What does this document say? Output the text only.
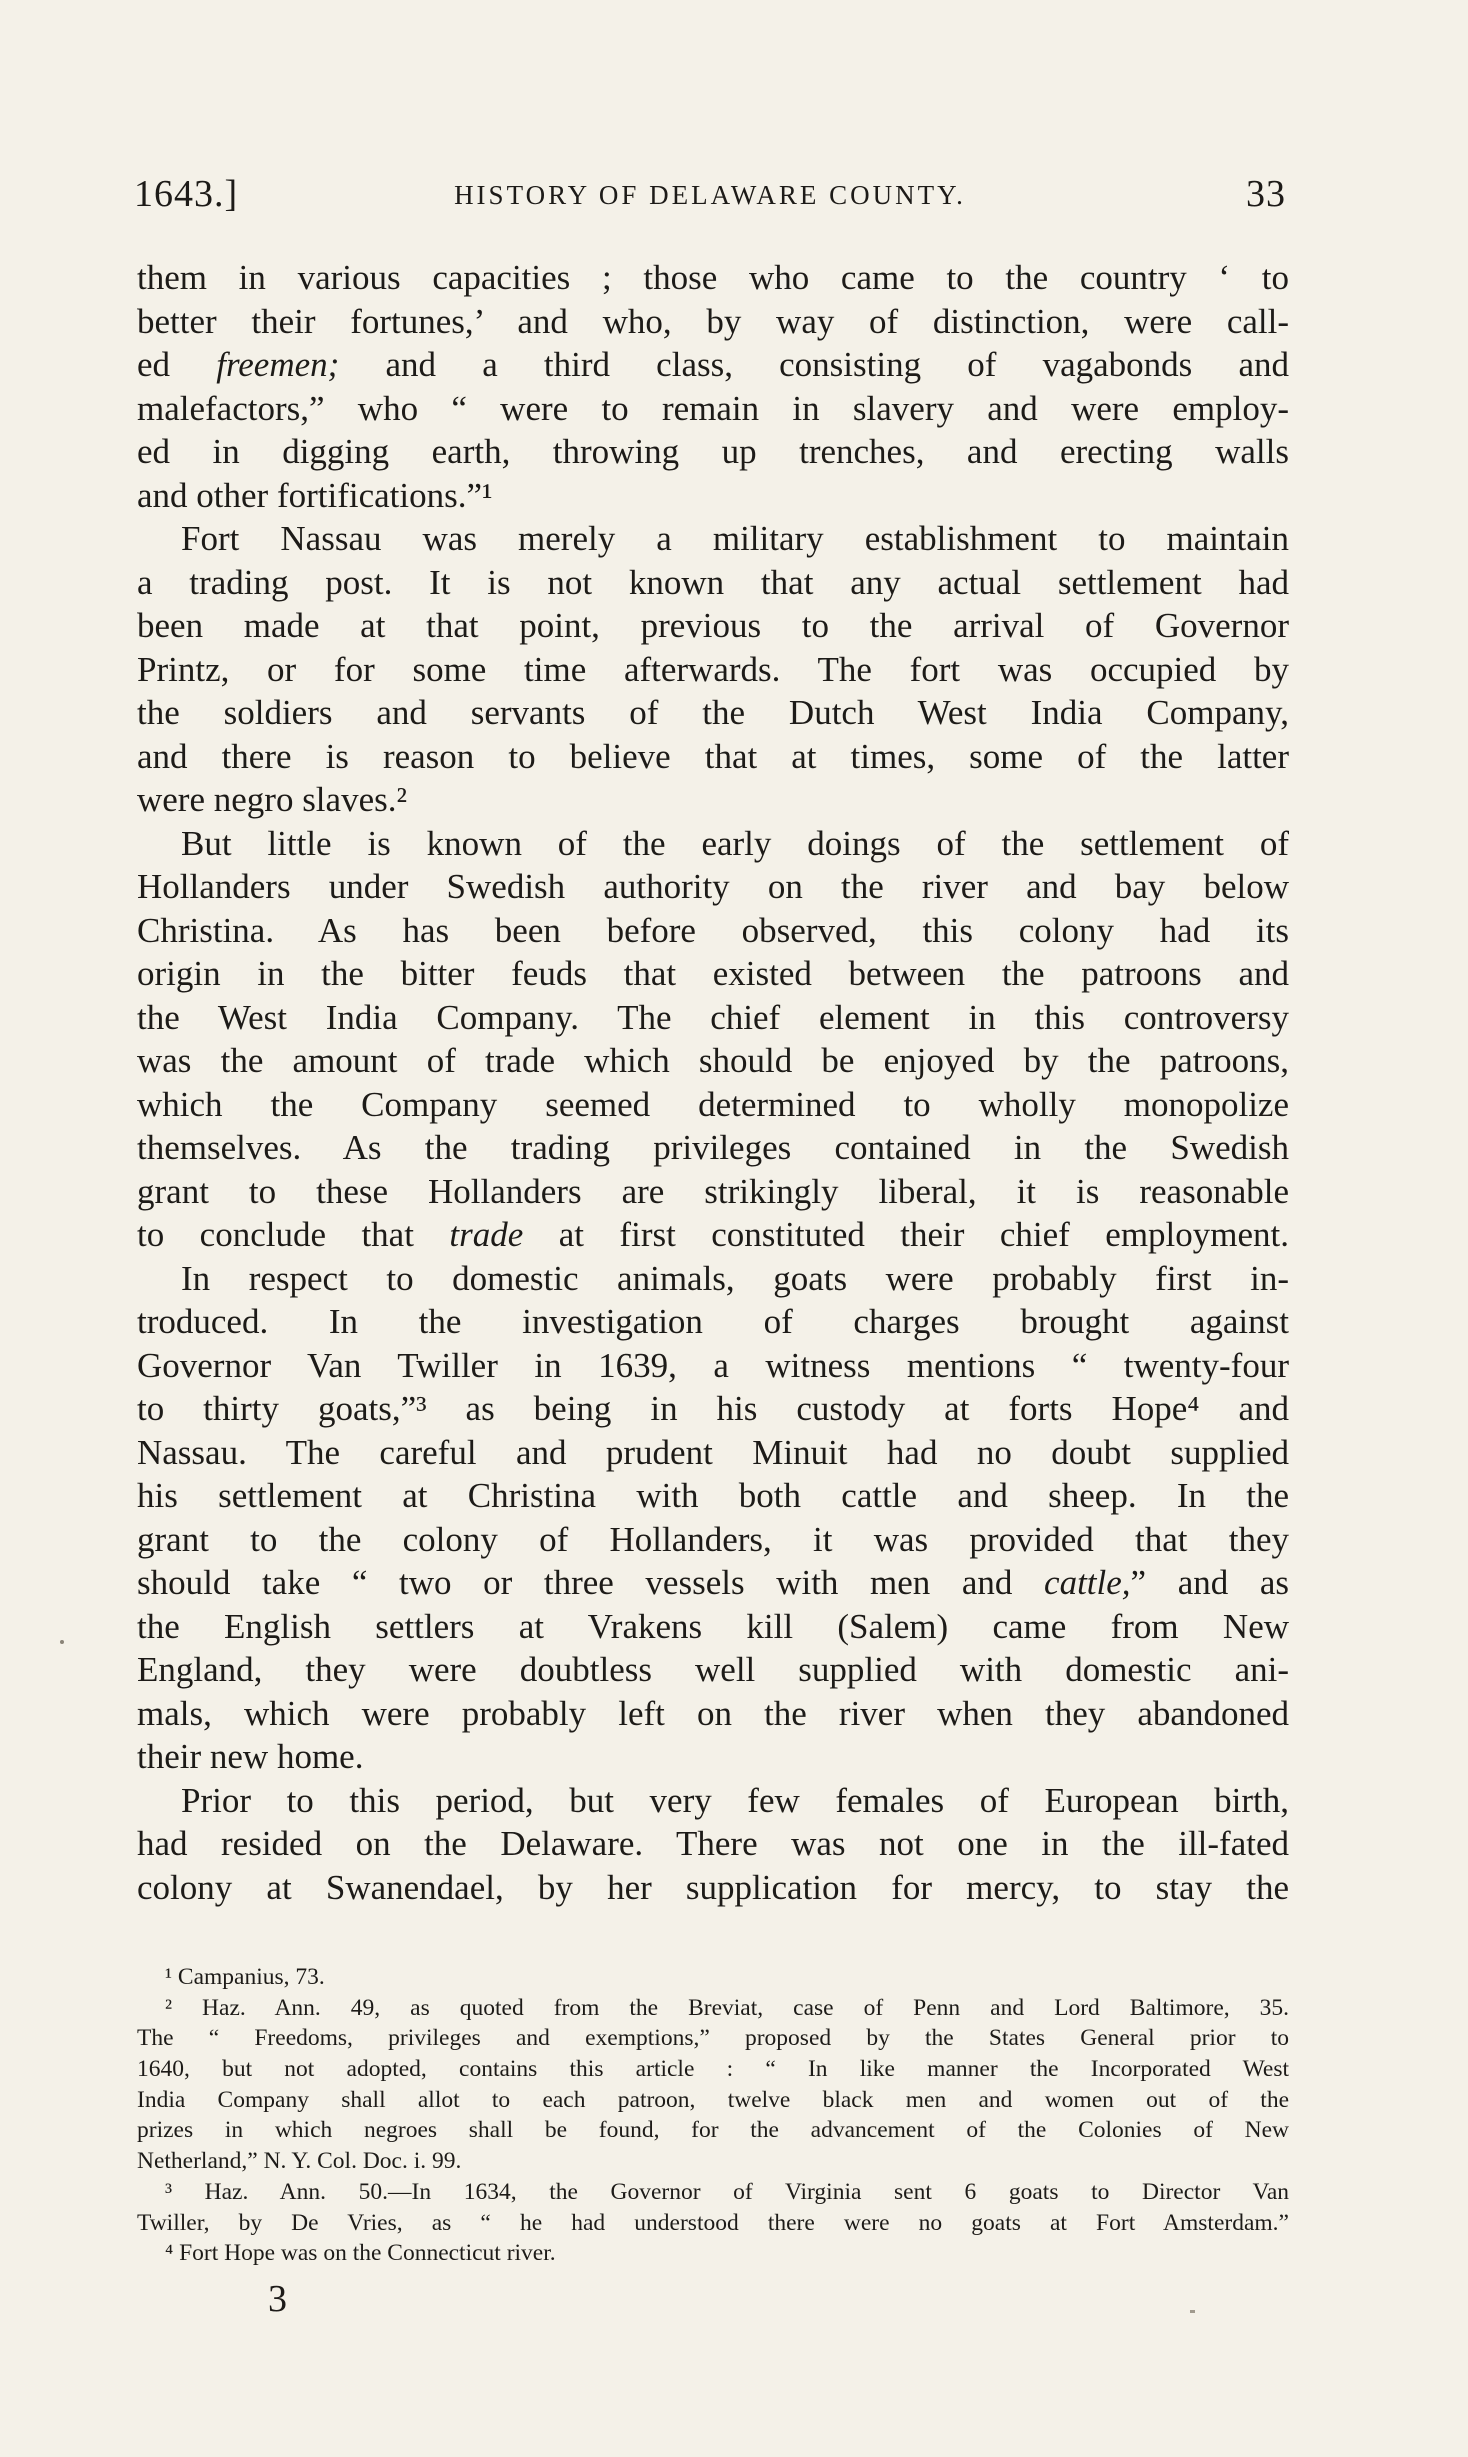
1643.]	HISTORY OF DELAWARE COUNTY.	33
them in various capacities ; those who came to the country ‘ to
better their fortunes,’ and who, by way of distinction, were call-
ed freemen; and a third class, consisting of vagabonds and
malefactors,” who “ were to remain in slavery and were employ-
ed in digging earth, throwing up trenches, and erecting walls
and other fortifications.”¹
Fort Nassau was merely a military establishment to maintain
a trading post. It is not known that any actual settlement had
been made at that point, previous to the arrival of Governor
Printz, or for some time afterwards. The fort was occupied by
the soldiers and servants of the Dutch West India Company,
and there is reason to believe that at times, some of the latter
were negro slaves.²
But little is known of the early doings of the settlement of
Hollanders under Swedish authority on the river and bay below
Christina. As has been before observed, this colony had its
origin in the bitter feuds that existed between the patroons and
the West India Company. The chief element in this controversy
was the amount of trade which should be enjoyed by the patroons,
which the Company seemed determined to wholly monopolize
themselves. As the trading privileges contained in the Swedish
grant to these Hollanders are strikingly liberal, it is reasonable
to conclude that trade at first constituted their chief employment.
In respect to domestic animals, goats were probably first in-
troduced. In the investigation of charges brought against
Governor Van Twiller in 1639, a witness mentions “ twenty-four
to thirty goats,”³ as being in his custody at forts Hope⁴ and
Nassau. The careful and prudent Minuit had no doubt supplied
his settlement at Christina with both cattle and sheep. In the
grant to the colony of Hollanders, it was provided that they
should take “ two or three vessels with men and cattle,” and as
the English settlers at Vrakens kill (Salem) came from New
England, they were doubtless well supplied with domestic ani-
mals, which were probably left on the river when they abandoned
their new home.
Prior to this period, but very few females of European birth,
had resided on the Delaware. There was not one in the ill-fated
colony at Swanendael, by her supplication for mercy, to stay the
¹ Campanius, 73.
² Haz. Ann. 49, as quoted from the Breviat, case of Penn and Lord Baltimore, 35.
The “ Freedoms, privileges and exemptions,” proposed by the States General prior to
1640, but not adopted, contains this article : “ In like manner the Incorporated West
India Company shall allot to each patroon, twelve black men and women out of the
prizes in which negroes shall be found, for the advancement of the Colonies of New
Netherland,” N. Y. Col. Doc. i. 99.
³ Haz. Ann. 50.—In 1634, the Governor of Virginia sent 6 goats to Director Van
Twiller, by De Vries, as “ he had understood there were no goats at Fort Amsterdam.”
⁴ Fort Hope was on the Connecticut river.
3
